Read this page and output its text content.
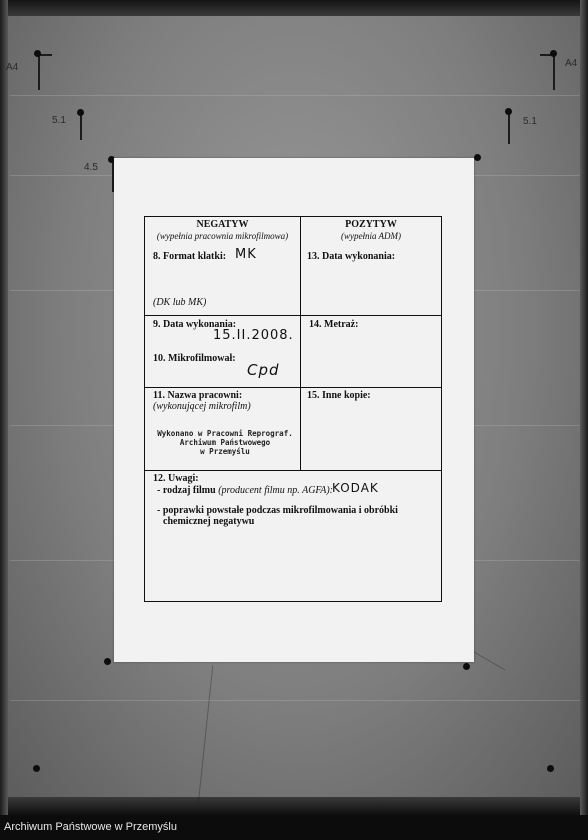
A4	A4
5.1
4.5
5.1
NEGATYW
(wypełnia pracownia mikrofilmowa)
POZYTYW
(wypełnia ADM)
8. Format klatki: MK
(DK lub MK)
13. Data wykonania:
9. Data wykonania:
15.II.2008.
14. Metraż:
10. Mikrofilmował:
Cpd
11. Nazwa pracowni:
(wykonującej mikrofilm)
Wykonano w Pracowni Reprograf.
Archiwum Państwowego
w Przemyślu
15. Inne kopie:
12. Uwagi:
- rodzaj filmu (producent filmu np. AGFA):
KODAK
- poprawki powstałe podczas mikrofilmowania i obróbki
chemicznej negatywu
Archiwum Państwowe w Przemyślu
